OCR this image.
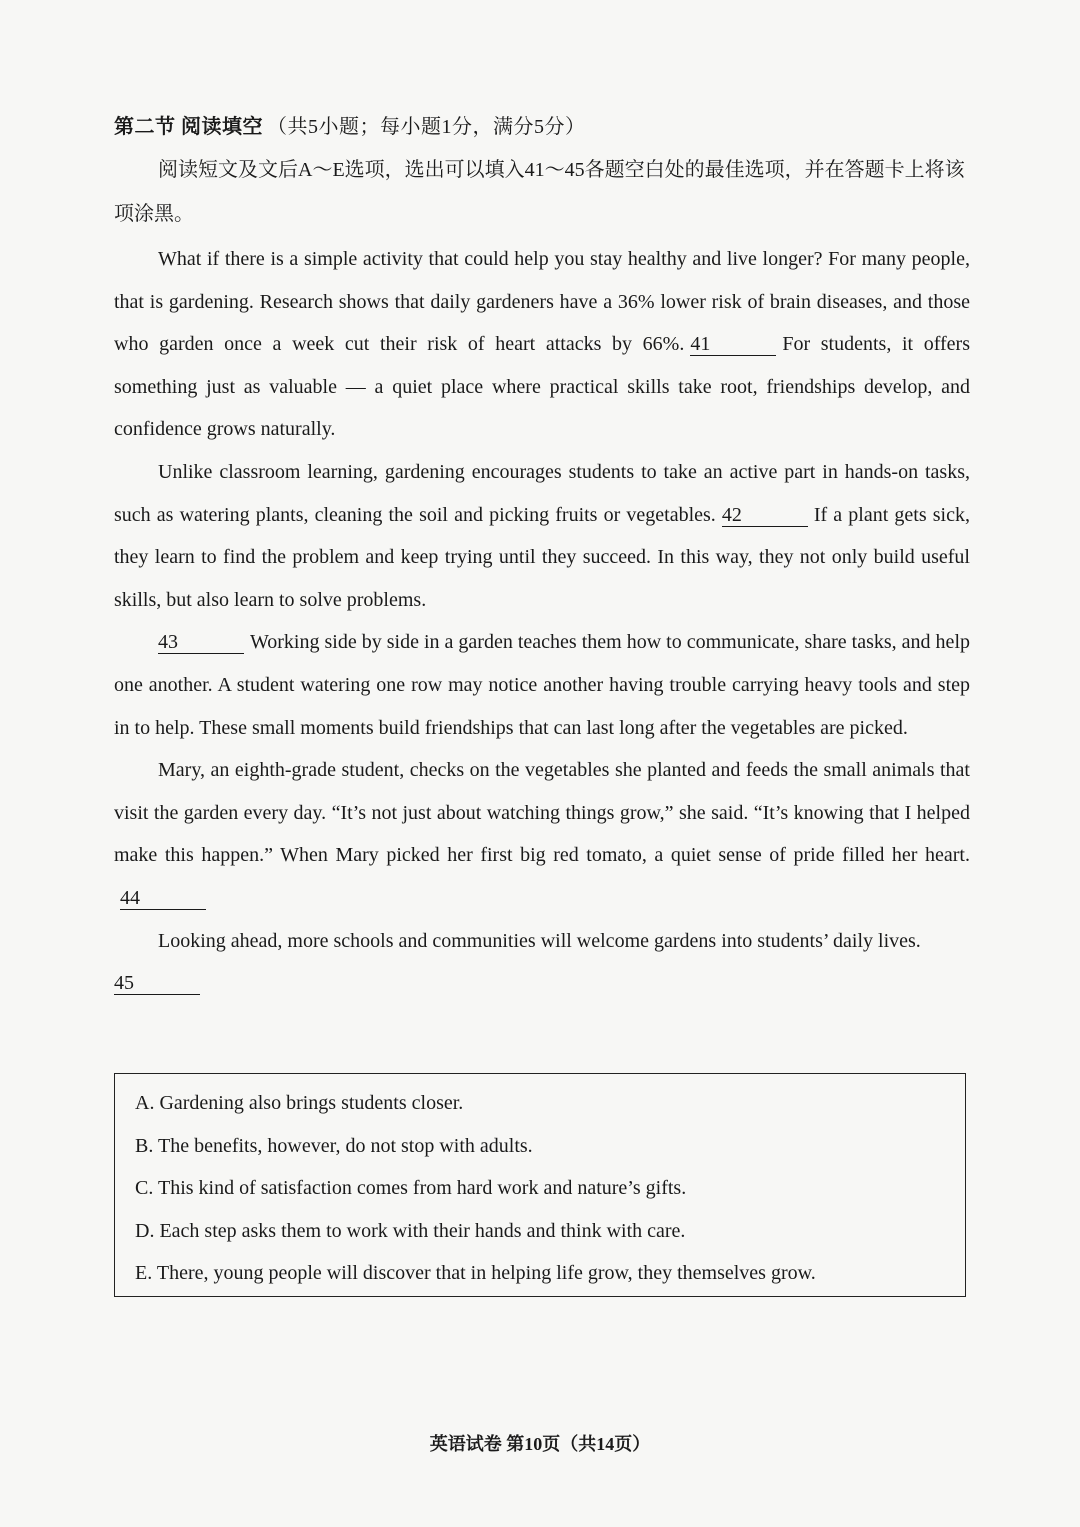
第二节 阅读填空 （共5小题；每小题1分，满分5分）

阅读短文及文后A～E选项，选出可以填入41～45各题空白处的最佳选项，并在答题卡上将该项涂黑。

What if there is a simple activity that could help you stay healthy and live longer? For many people, that is gardening. Research shows that daily gardeners have a 36% lower risk of brain diseases, and those who garden once a week cut their risk of heart attacks by 66%. 41	For students, it offers something just as valuable — a quiet place where practical skills take root, friendships develop, and confidence grows naturally.

Unlike classroom learning, gardening encourages students to take an active part in hands-on tasks, such as watering plants, cleaning the soil and picking fruits or vegetables. 42	If a plant gets sick, they learn to find the problem and keep trying until they succeed. In this way, they not only build useful skills, but also learn to solve problems.

43	Working side by side in a garden teaches them how to communicate, share tasks, and help one another. A student watering one row may notice another having trouble carrying heavy tools and step in to help. These small moments build friendships that can last long after the vegetables are picked.

Mary, an eighth-grade student, checks on the vegetables she planted and feeds the small animals that visit the garden every day. “It’s not just about watching things grow,” she said. “It’s knowing that I helped make this happen.” When Mary picked her first big red tomato, a quiet sense of pride filled her heart.44

Looking ahead, more schools and communities will welcome gardens into students’ daily lives.

45

A. Gardening also brings students closer.
B. The benefits, however, do not stop with adults.
C. This kind of satisfaction comes from hard work and nature’s gifts.
D. Each step asks them to work with their hands and think with care.
E. There, young people will discover that in helping life grow, they themselves grow.
英语试卷 第10页（共14页）
